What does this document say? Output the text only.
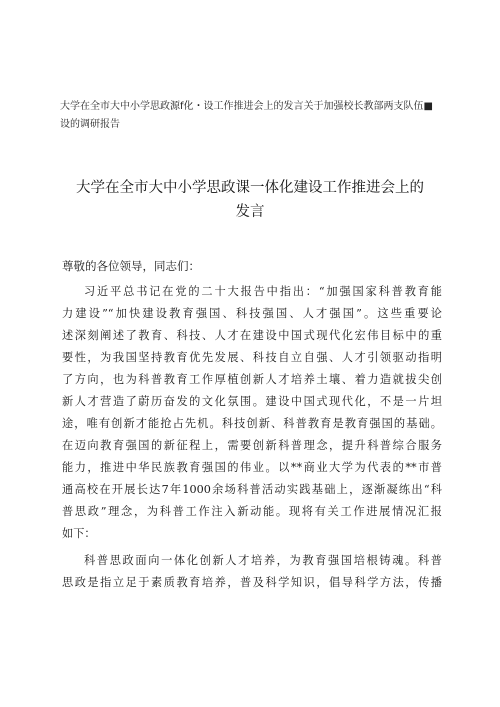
大学在全市大中小学思政源f化・设工作推进会上的发言关于加强校长教部两支队伍■
设的调研报告
大学在全市大中小学思政课一体化建设工作推进会上的
发言
尊敬的各位领导，同志们：
习近平总书记在党的二十大报告中指出：“加强国家科普教育能
力建设”“加快建设教育强国、科技强国、人才强国”。这些重要论
述深刻阐述了教育、科技、人才在建设中国式现代化宏伟目标中的重
要性，为我国坚持教育优先发展、科技自立自强、人才引领驱动指明
了方向，也为科普教育工作厚植创新人才培养土壤、着力造就拔尖创
新人才营造了蔚历奋发的文化氛围。建设中国式现代化，不是一片坦
途，唯有创新才能抢占先机。科技创新、科普教育是教育强国的基础。
在迈向教育强国的新征程上，需要创新科普理念，提升科普综合服务
能力，推进中华民族教育强国的伟业。以**商业大学为代表的**市普
通高校在开展长达7年1000余场科普活动实践基础上，逐渐凝练出“科
普思政”理念，为科普工作注入新动能。现将有关工作进展情况汇报
如下：
科普思政面向一体化创新人才培养，为教育强国培根铸魂。科普
思政是指立足于素质教育培养，普及科学知识，倡导科学方法，传播
